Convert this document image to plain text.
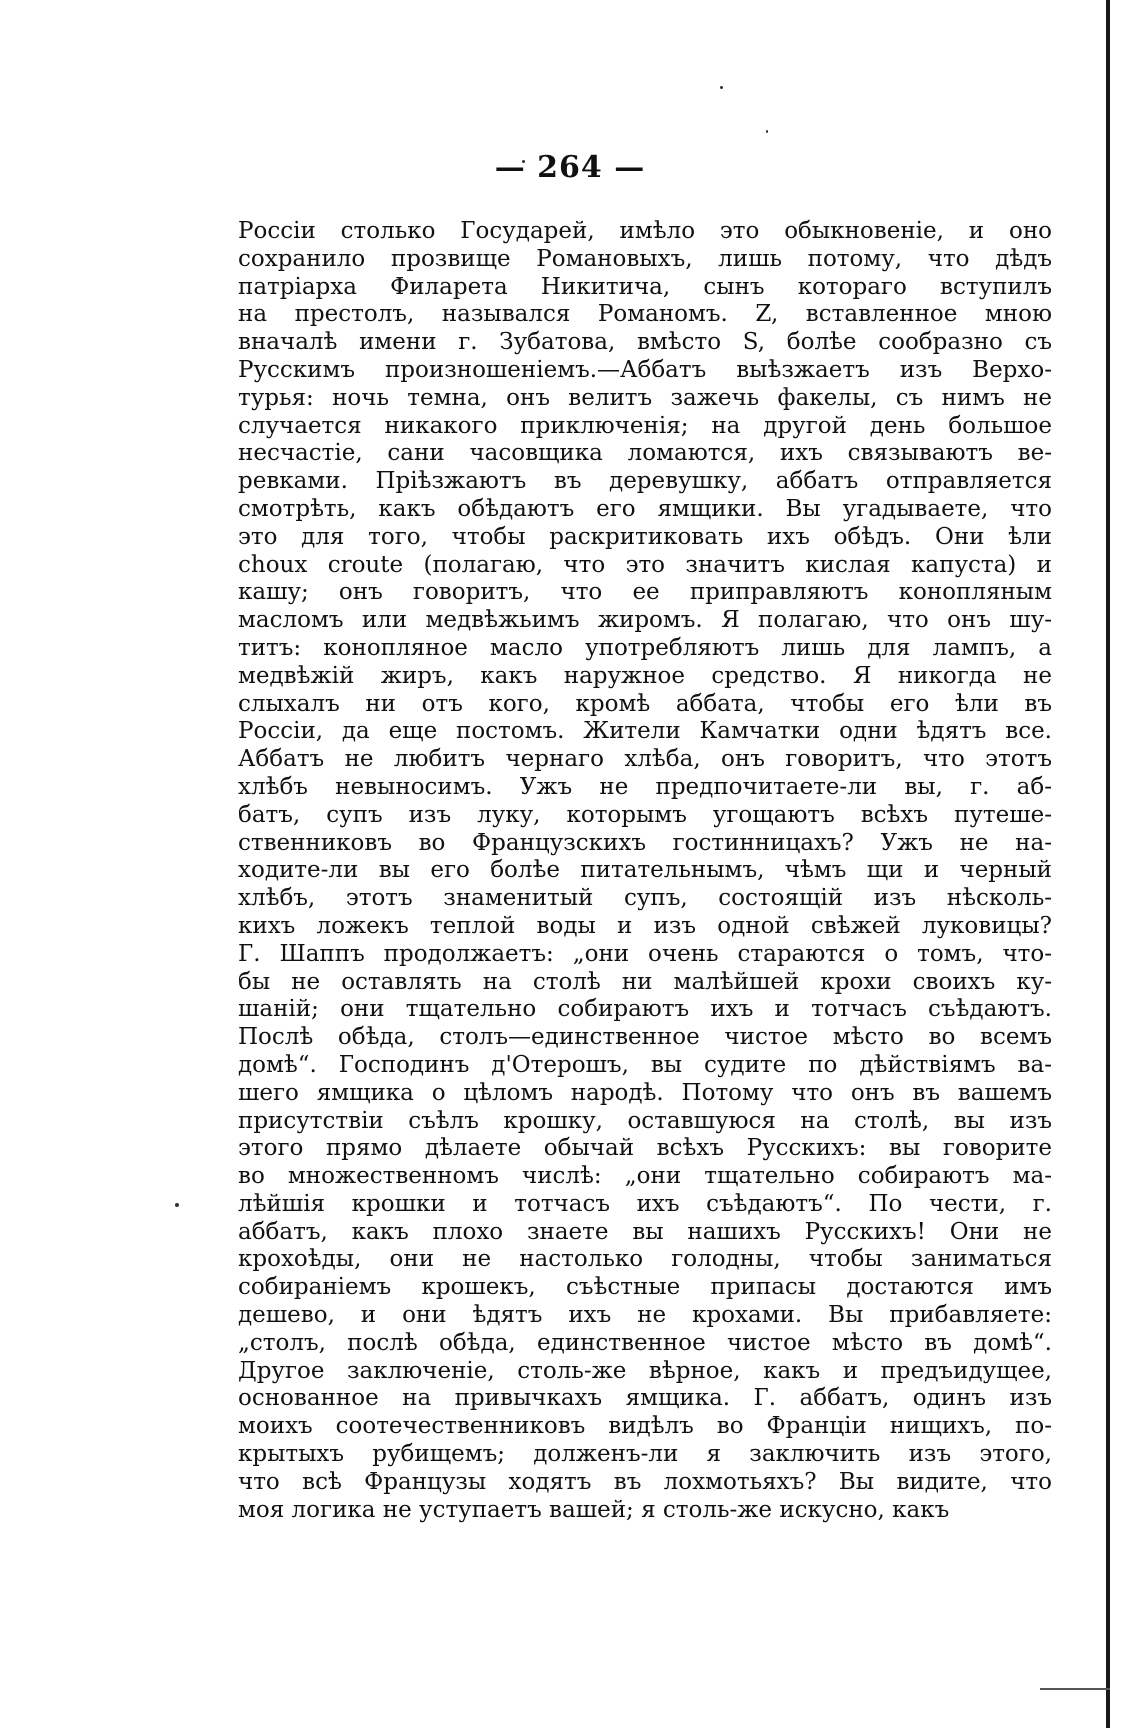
— 264 —
Россіи столько Государей, имѣло это обыкновеніе, и оно
сохранило прозвище Романовыхъ, лишь потому, что дѣдъ
патріарха Филарета Никитича, сынъ котораго вступилъ
на престолъ, назывался Романомъ. Z, вставленное мною
вначалѣ имени г. Зубатова, вмѣсто S, болѣе сообразно съ
Русскимъ произношеніемъ.—Аббатъ выѣзжаетъ изъ Верхо-
турья: ночь темна, онъ велитъ зажечь факелы, съ нимъ не
случается никакого приключенія; на другой день большое
несчастіе, сани часовщика ломаются, ихъ связываютъ ве-
ревками. Пріѣзжаютъ въ деревушку, аббатъ отправляется
смотрѣть, какъ обѣдаютъ его ямщики. Вы угадываете, что
это для того, чтобы раскритиковать ихъ обѣдъ. Они ѣли
choux croute (полагаю, что это значитъ кислая капуста) и
кашу; онъ говоритъ, что ее приправляютъ конопляным
масломъ или медвѣжьимъ жиромъ. Я полагаю, что онъ шу-
титъ: конопляное масло употребляютъ лишь для лампъ, а
медвѣжій жиръ, какъ наружное средство. Я никогда не
слыхалъ ни отъ кого, кромѣ аббата, чтобы его ѣли въ
Россіи, да еще постомъ. Жители Камчатки одни ѣдятъ все.
Аббатъ не любитъ чернаго хлѣба, онъ говоритъ, что этотъ
хлѣбъ невыносимъ. Ужъ не предпочитаете-ли вы, г. аб-
батъ, супъ изъ луку, которымъ угощаютъ всѣхъ путеше-
ственниковъ во Французскихъ гостинницахъ? Ужъ не на-
ходите-ли вы его болѣе питательнымъ, чѣмъ щи и черный
хлѣбъ, этотъ знаменитый супъ, состоящій изъ нѣсколь-
кихъ ложекъ теплой воды и изъ одной свѣжей луковицы?
Г. Шаппъ продолжаетъ: „они очень стараются о томъ, что-
бы не оставлять на столѣ ни малѣйшей крохи своихъ ку-
шаній; они тщательно собираютъ ихъ и тотчасъ съѣдаютъ.
Послѣ обѣда, столъ—единственное чистое мѣсто во всемъ
домѣ“. Господинъ д'Отерошъ, вы судите по дѣйствіямъ ва-
шего ямщика о цѣломъ народѣ. Потому что онъ въ вашемъ
присутствіи съѣлъ крошку, оставшуюся на столѣ, вы изъ
этого прямо дѣлаете обычай всѣхъ Русскихъ: вы говорите
во множественномъ числѣ: „они тщательно собираютъ ма-
лѣйшія крошки и тотчасъ ихъ съѣдаютъ“. По чести, г.
аббатъ, какъ плохо знаете вы нашихъ Русскихъ! Они не
крохоѣды, они не настолько голодны, чтобы заниматься
собираніемъ крошекъ, съѣстные припасы достаются имъ
дешево, и они ѣдятъ ихъ не крохами. Вы прибавляете:
„столъ, послѣ обѣда, единственное чистое мѣсто въ домѣ“.
Другое заключеніе, столь-же вѣрное, какъ и предъидущее,
основанное на привычкахъ ямщика. Г. аббатъ, одинъ изъ
моихъ соотечественниковъ видѣлъ во Франціи нищихъ, по-
крытыхъ рубищемъ; долженъ-ли я заключить изъ этого,
что всѣ Французы ходятъ въ лохмотьяхъ? Вы видите, что
моя логика не уступаетъ вашей; я столь-же искусно, какъ
